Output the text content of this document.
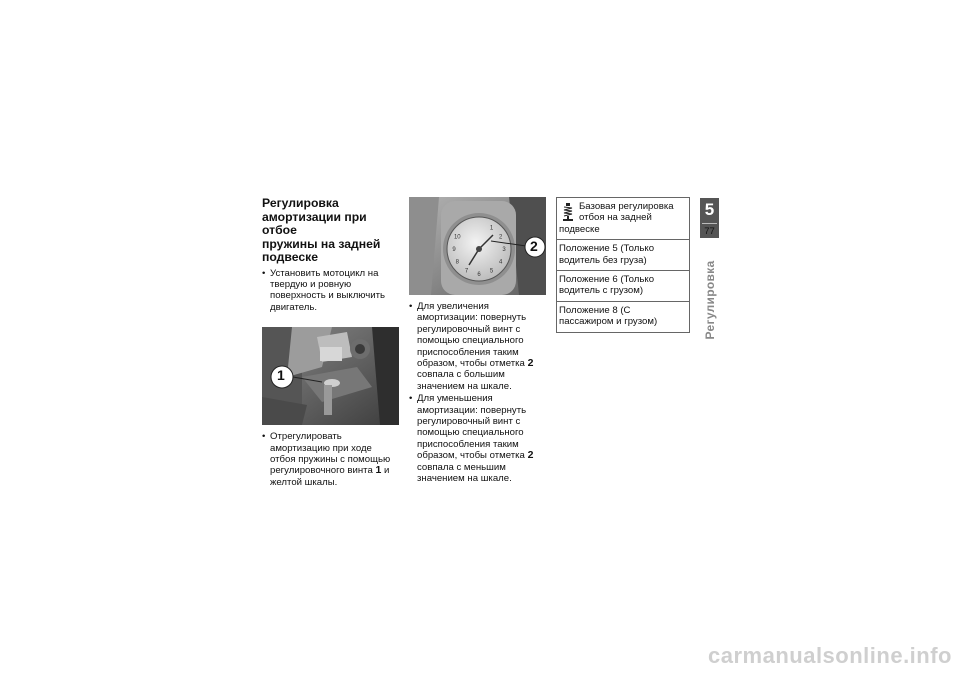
Регулировка
амортизации при отбое
пружины на задней
подвеске
• Установить мотоцикл на твердую и ровную поверхность и выключить двигатель.
1
• Отрегулировать амортизацию при ходе отбоя пружины с помощью регулировочного винта 1 и желтой шкалы.
1
2
3
4
5
6
7
8
9
10
2
• Для увеличения амортизации: повернуть регулировочный винт с помощью специального приспособления таким образом, чтобы отметка 2 совпала с большим значением на шкале.
• Для уменьшения амортизации: повернуть регулировочный винт с помощью специального приспособления таким образом, чтобы отметка 2 совпала с меньшим значением на шкале.
Базовая регулировка отбоя на задней подвеске
Положение 5 (Только водитель без груза)
Положение 6 (Только водитель с грузом)
Положение 8 (С пассажиром и грузом)
5
77
Регулировка
carmanualsonline.info
